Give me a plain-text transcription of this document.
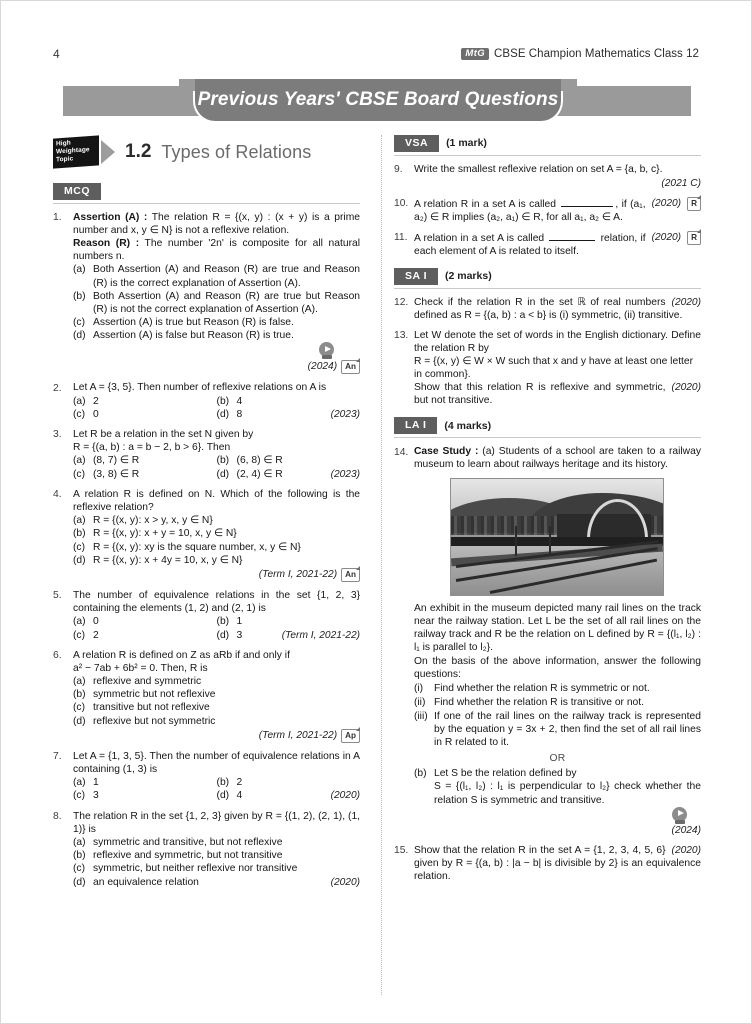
4	MtG CBSE Champion Mathematics Class 12
Previous Years' CBSE Board Questions
High
Weightage
Topic	1.2 Types of Relations
MCQ
1.	Assertion (A) : The relation R = {(x, y) : (x + y) is a prime number and x, y ∈ N} is not a reflexive relation.
Reason (R) : The number '2n' is composite for all natural numbers n.
(a) Both Assertion (A) and Reason (R) are true and Reason (R) is the correct explanation of Assertion (A).
(b) Both Assertion (A) and Reason (R) are true but Reason (R) is not the correct explanation of Assertion (A).
(c) Assertion (A) is true but Reason (R) is false.
(d) Assertion (A) is false but Reason (R) is true.
(2024) An
2.	Let A = {3, 5}. Then number of reflexive relations on A is
(a) 2	(b) 4
(c) 0	(d) 8	(2023)
3.	Let R be a relation in the set N given by
R = {(a, b) : a = b − 2, b > 6}. Then
(a) (8, 7) ∈ R	(b) (6, 8) ∈ R
(c) (3, 8) ∈ R	(d) (2, 4) ∈ R	(2023)
4.	A relation R is defined on N. Which of the following is the reflexive relation?
(a) R = {(x, y): x > y, x, y ∈ N}
(b) R = {(x, y): x + y = 10, x, y ∈ N}
(c) R = {(x, y): xy is the square number, x, y ∈ N}
(d) R = {(x, y): x + 4y = 10, x, y ∈ N}
(Term I, 2021-22) An
5.	The number of equivalence relations in the set {1, 2, 3} containing the elements (1, 2) and (2, 1) is
(a) 0	(b) 1
(c) 2	(d) 3	(Term I, 2021-22)
6.	A relation R is defined on Z as aRb if and only if
a² − 7ab + 6b² = 0. Then, R is
(a) reflexive and symmetric
(b) symmetric but not reflexive
(c) transitive but not reflexive
(d) reflexive but not symmetric
(Term I, 2021-22) Ap
7.	Let A = {1, 3, 5}. Then the number of equivalence relations in A containing (1, 3) is
(a) 1	(b) 2
(c) 3	(d) 4	(2020)
8.	The relation R in the set {1, 2, 3} given by R = {(1, 2), (2, 1), (1, 1)} is
(a) symmetric and transitive, but not reflexive
(b) reflexive and symmetric, but not transitive
(c) symmetric, but neither reflexive nor transitive
(d) an equivalence relation	(2020)
VSA	(1 mark)
9.	Write the smallest reflexive relation on set A = {a, b, c}.
(2021 C)
10.	R
(2020)
A relation R in a set A is called	, if (a₁, a₂) ∈ R implies (a₂, a₁) ∈ R, for all a₁, a₂ ∈ A.
11.	R
(2020)
A relation in a set A is called	relation, if each element of A is related to itself.
SA I	(2 marks)
12.	(2020)
Check if the relation R in the set ℝ of real numbers defined as R = {(a, b) : a < b} is (i) symmetric, (ii) transitive.
13. Let W denote the set of words in the English dictionary. Define the relation R by
R = {(x, y) ∈ W × W such that x and y have at least one letter in common}.
(2020)
Show that this relation R is reflexive and symmetric, but not transitive.
LA I	(4 marks)
14. Case Study : (a) Students of a school are taken to a railway museum to learn about railways heritage and its history.
An exhibit in the museum depicted many rail lines on the track near the railway station. Let L be the set of all rail lines on the railway track and R be the relation on L defined by R = {(l₁, l₂) : l₁ is parallel to l₂}.
On the basis of the above information, answer the following questions:
(i)	Find whether the relation R is symmetric or not.
(ii) Find whether the relation R is transitive or not.
(iii) If one of the rail lines on the railway track is represented by the equation y = 3x + 2, then find the set of all rail lines in R related to it.
OR
(b) Let S be the relation defined by
S = {(l₁, l₂) : l₁ is perpendicular to l₂} check whether the relation S is symmetric and transitive.
(2024)
15.	(2020)
Show that the relation R in the set A = {1, 2, 3, 4, 5, 6} given by R = {(a, b) : |a − b| is divisible by 2} is an equivalence relation.
